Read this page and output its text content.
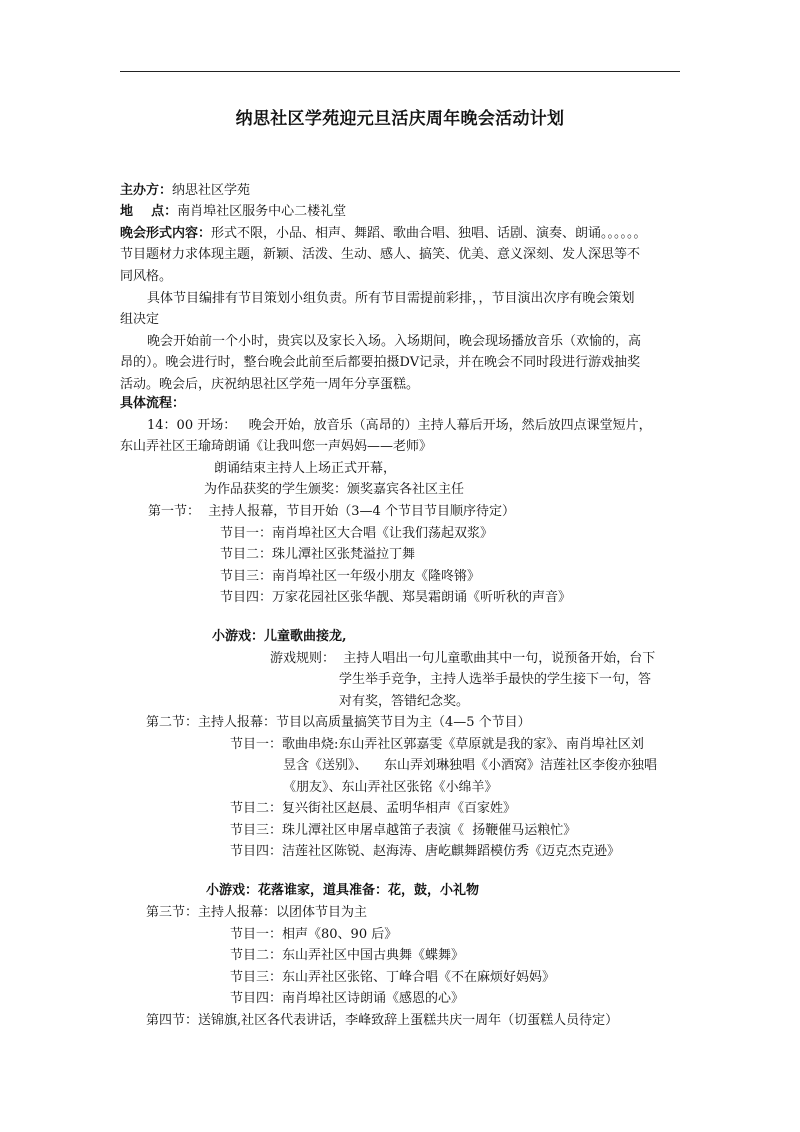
纳思社区学苑迎元旦活庆周年晚会活动计划
主办方：纳思社区学苑
地    点：南肖埠社区服务中心二楼礼堂
晚会形式内容：形式不限，小品、相声、舞蹈、歌曲合唱、独唱、话剧、演奏、朗诵。。。。。。
节目题材力求体现主题，新颖、活泼、生动、感人、搞笑、优美、意义深刻、发人深思等不
同风格。
具体节目编排有节目策划小组负责。所有节目需提前彩排，，节目演出次序有晚会策划
组决定
晚会开始前一个小时，贵宾以及家长入场。入场期间，晚会现场播放音乐（欢愉的，高
昂的）。晚会进行时，整台晚会此前至后都要拍摄DV记录，并在晚会不同时段进行游戏抽奖
活动。晚会后，庆祝纳思社区学苑一周年分享蛋糕。
具体流程：
14：00 开场：   晚会开始，放音乐（高昂的）主持人幕后开场，然后放四点课堂短片，
东山弄社区王瑜琦朗诵《让我叫您一声妈妈——老师》
朗诵结束主持人上场正式开幕，
为作品获奖的学生颁奖：颁奖嘉宾各社区主任
第一节：  主持人报幕，节目开始（3—4 个节目节目顺序待定）
节目一：南肖埠社区大合唱《让我们荡起双浆》
节目二：珠儿潭社区张梵溢拉丁舞
节目三：南肖埠社区一年级小朋友《隆咚锵》
节目四：万家花园社区张华靓、郑昊霜朗诵《听听秋的声音》
小游戏：儿童歌曲接龙,
游戏规则：  主持人唱出一句儿童歌曲其中一句，说预备开始，台下
学生举手竞争，主持人选举手最快的学生接下一句，答
对有奖，答错纪念奖。
第二节：主持人报幕：节目以高质量搞笑节目为主（4—5 个节目）
节目一：歌曲串烧:东山弄社区郭嘉雯《草原就是我的家》、南肖埠社区刘
昱含《送别》、    东山弄刘琳独唱《小酒窝》洁莲社区李俊亦独唱
《朋友》、东山弄社区张铭《小绵羊》
节目二：复兴街社区赵晨、孟明华相声《百家姓》
节目三：珠儿潭社区申屠卓越笛子表演《  扬鞭催马运粮忙》
节目四：洁莲社区陈锐、赵海涛、唐屹麒舞蹈模仿秀《迈克杰克逊》
小游戏：花落谁家，道具准备：花，鼓，小礼物
第三节：主持人报幕：以团体节目为主
节目一：相声《80、90 后》
节目二：东山弄社区中国古典舞《蝶舞》
节目三：东山弄社区张铭、丁峰合唱《不在麻烦好妈妈》
节目四：南肖埠社区诗朗诵《感恩的心》
第四节：送锦旗,社区各代表讲话，李峰致辞上蛋糕共庆一周年（切蛋糕人员待定）
